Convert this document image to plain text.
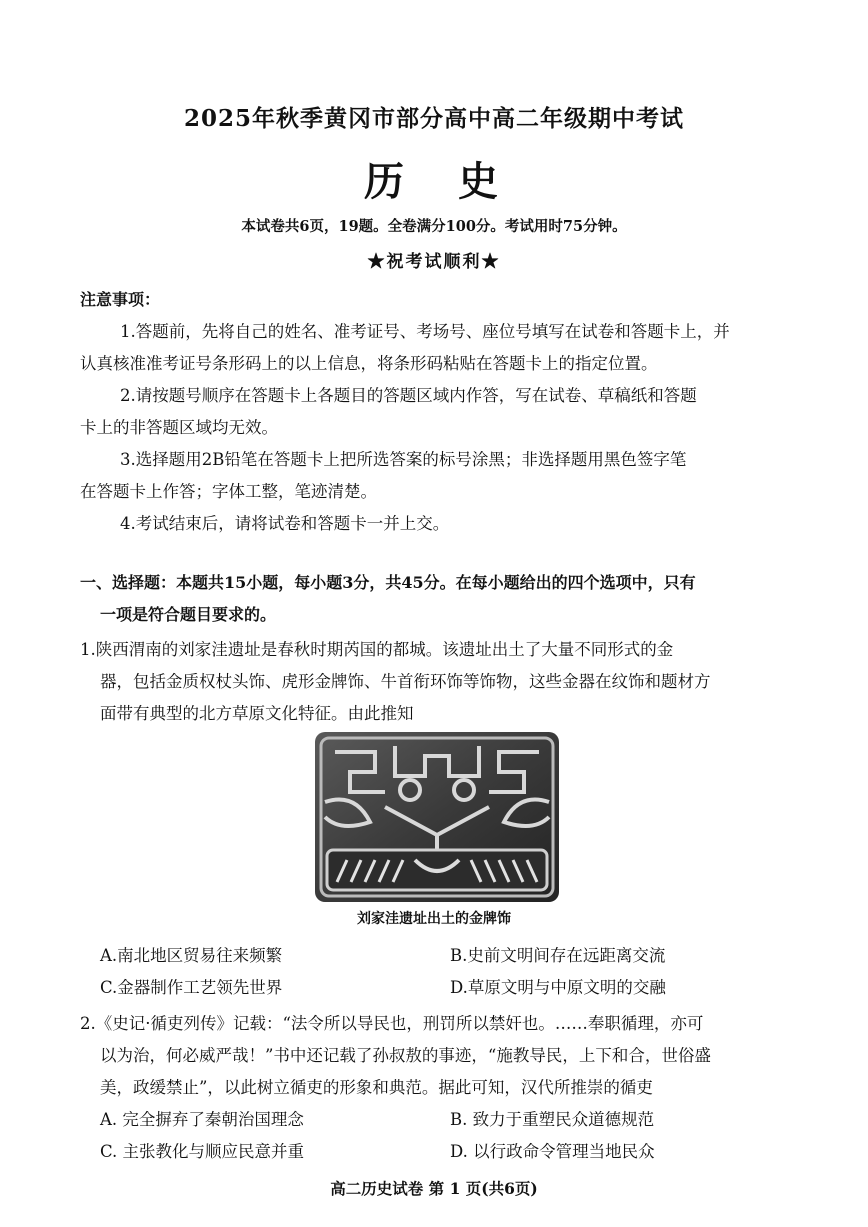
2025年秋季黄冈市部分高中高二年级期中考试
历 史
本试卷共6页，19题。全卷满分100分。考试用时75分钟。
★祝考试顺利★
注意事项：
1.答题前，先将自己的姓名、准考证号、考场号、座位号填写在试卷和答题卡上，并
认真核准准考证号条形码上的以上信息，将条形码粘贴在答题卡上的指定位置。
2.请按题号顺序在答题卡上各题目的答题区域内作答，写在试卷、草稿纸和答题
卡上的非答题区域均无效。
3.选择题用2B铅笔在答题卡上把所选答案的标号涂黑；非选择题用黑色签字笔
在答题卡上作答；字体工整，笔迹清楚。
4.考试结束后，请将试卷和答题卡一并上交。
一、选择题：本题共15小题，每小题3分，共45分。在每小题给出的四个选项中，只有
一项是符合题目要求的。
1.陕西渭南的刘家洼遗址是春秋时期芮国的都城。该遗址出土了大量不同形式的金
器，包括金质权杖头饰、虎形金牌饰、牛首衔环饰等饰物，这些金器在纹饰和题材方
面带有典型的北方草原文化特征。由此推知
刘家洼遗址出土的金牌饰
A.南北地区贸易往来频繁	B.史前文明间存在远距离交流
C.金器制作工艺领先世界	D.草原文明与中原文明的交融
2.《史记·循吏列传》记载：“法令所以导民也，刑罚所以禁奸也。……奉职循理，亦可
以为治，何必威严哉！”书中还记载了孙叔敖的事迹，“施教导民，上下和合，世俗盛
美，政缓禁止”，以此树立循吏的形象和典范。据此可知，汉代所推崇的循吏
A. 完全摒弃了秦朝治国理念	B. 致力于重塑民众道德规范
C. 主张教化与顺应民意并重	D. 以行政命令管理当地民众
高二历史试卷 第 1 页(共6页)
